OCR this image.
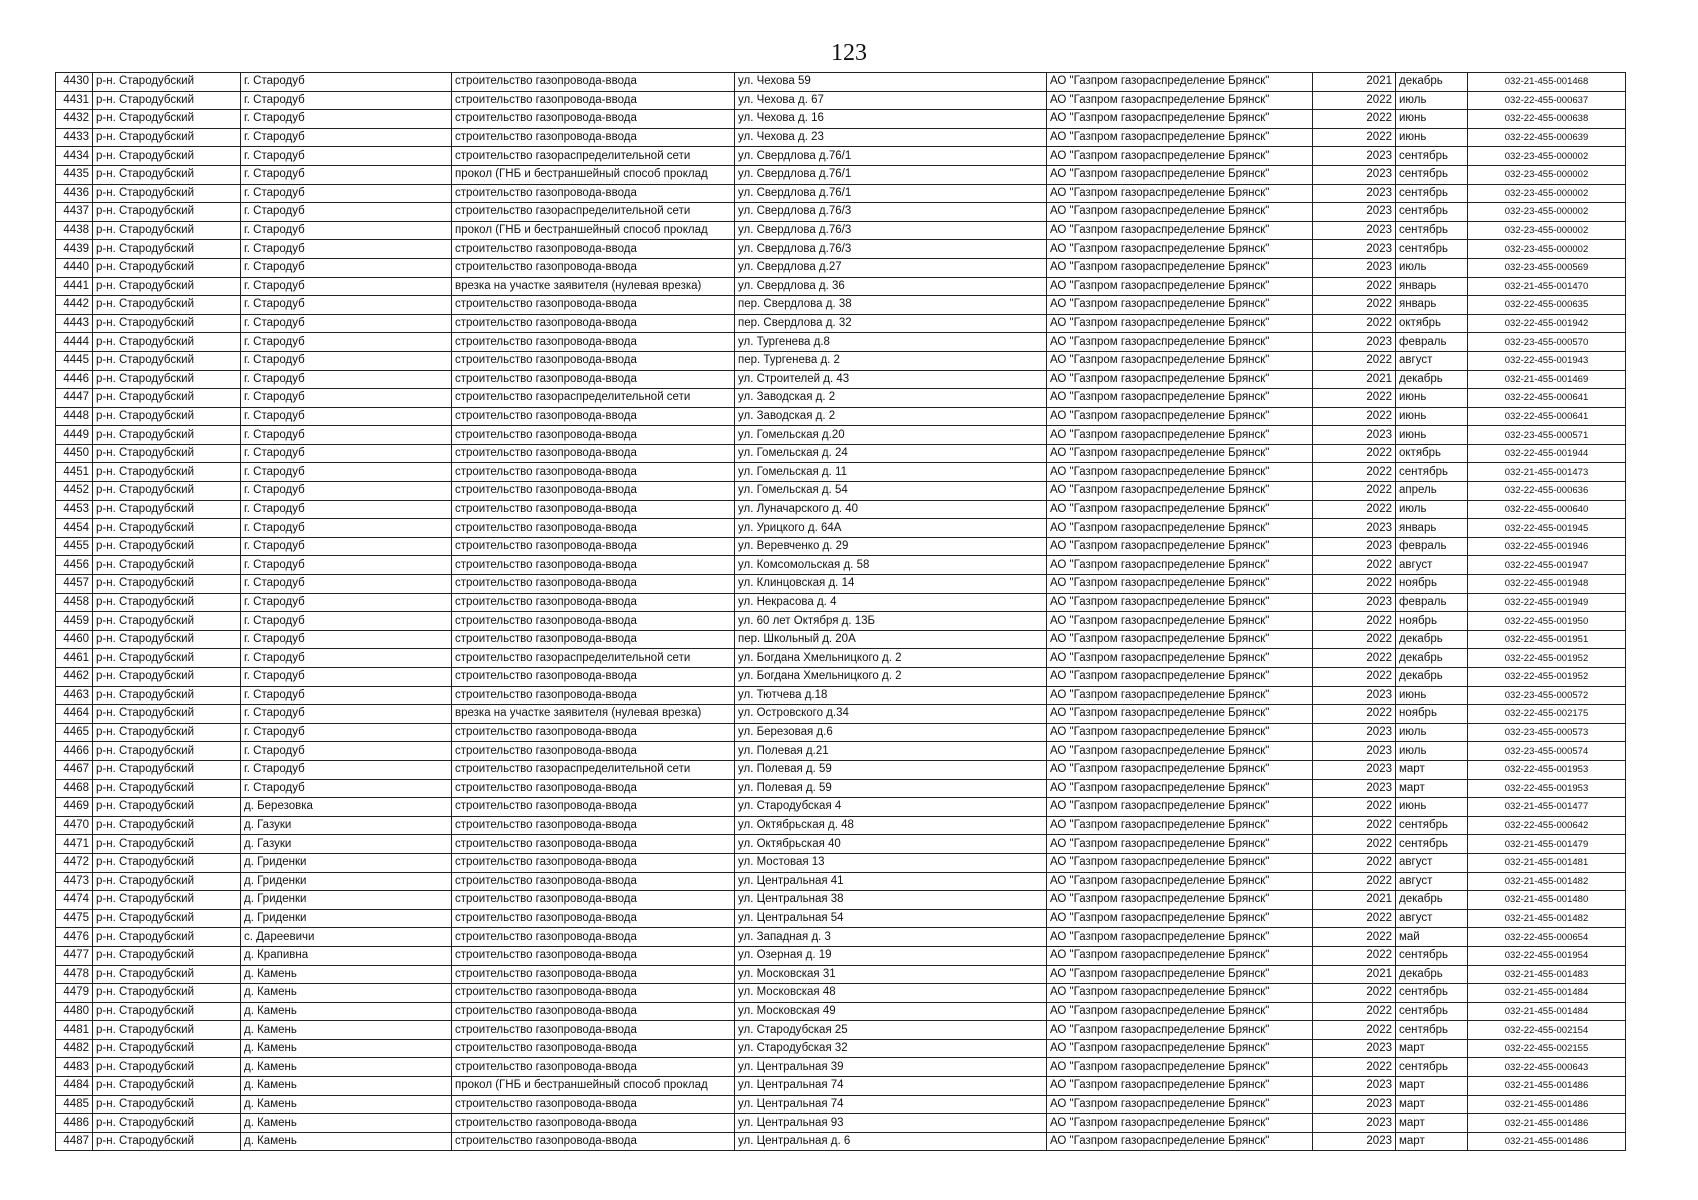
123
4430	р-н. Стародубский	г. Стародуб	строительство газопровода-ввода	ул. Чехова 59	АО "Газпром газораспределение Брянск"	2021	декабрь	032-21-455-001468
4431	р-н. Стародубский	г. Стародуб	строительство газопровода-ввода	ул. Чехова д. 67	АО "Газпром газораспределение Брянск"	2022	июль	032-22-455-000637
4432	р-н. Стародубский	г. Стародуб	строительство газопровода-ввода	ул. Чехова д. 16	АО "Газпром газораспределение Брянск"	2022	июнь	032-22-455-000638
4433	р-н. Стародубский	г. Стародуб	строительство газопровода-ввода	ул. Чехова д. 23	АО "Газпром газораспределение Брянск"	2022	июнь	032-22-455-000639
4434	р-н. Стародубский	г. Стародуб	строительство газораспределительной сети	ул. Свердлова д.76/1	АО "Газпром газораспределение Брянск"	2023	сентябрь	032-23-455-000002
4435	р-н. Стародубский	г. Стародуб	прокол (ГНБ и бестраншейный способ проклад	ул. Свердлова д.76/1	АО "Газпром газораспределение Брянск"	2023	сентябрь	032-23-455-000002
4436	р-н. Стародубский	г. Стародуб	строительство газопровода-ввода	ул. Свердлова д.76/1	АО "Газпром газораспределение Брянск"	2023	сентябрь	032-23-455-000002
4437	р-н. Стародубский	г. Стародуб	строительство газораспределительной сети	ул. Свердлова д.76/3	АО "Газпром газораспределение Брянск"	2023	сентябрь	032-23-455-000002
4438	р-н. Стародубский	г. Стародуб	прокол (ГНБ и бестраншейный способ проклад	ул. Свердлова д.76/3	АО "Газпром газораспределение Брянск"	2023	сентябрь	032-23-455-000002
4439	р-н. Стародубский	г. Стародуб	строительство газопровода-ввода	ул. Свердлова д.76/3	АО "Газпром газораспределение Брянск"	2023	сентябрь	032-23-455-000002
4440	р-н. Стародубский	г. Стародуб	строительство газопровода-ввода	ул. Свердлова д.27	АО "Газпром газораспределение Брянск"	2023	июль	032-23-455-000569
4441	р-н. Стародубский	г. Стародуб	врезка на участке заявителя (нулевая врезка)	ул. Свердлова д. 36	АО "Газпром газораспределение Брянск"	2022	январь	032-21-455-001470
4442	р-н. Стародубский	г. Стародуб	строительство газопровода-ввода	пер. Свердлова д. 38	АО "Газпром газораспределение Брянск"	2022	январь	032-22-455-000635
4443	р-н. Стародубский	г. Стародуб	строительство газопровода-ввода	пер. Свердлова д. 32	АО "Газпром газораспределение Брянск"	2022	октябрь	032-22-455-001942
4444	р-н. Стародубский	г. Стародуб	строительство газопровода-ввода	ул. Тургенева д.8	АО "Газпром газораспределение Брянск"	2023	февраль	032-23-455-000570
4445	р-н. Стародубский	г. Стародуб	строительство газопровода-ввода	пер. Тургенева д. 2	АО "Газпром газораспределение Брянск"	2022	август	032-22-455-001943
4446	р-н. Стародубский	г. Стародуб	строительство газопровода-ввода	ул. Строителей д. 43	АО "Газпром газораспределение Брянск"	2021	декабрь	032-21-455-001469
4447	р-н. Стародубский	г. Стародуб	строительство газораспределительной сети	ул. Заводская д. 2	АО "Газпром газораспределение Брянск"	2022	июнь	032-22-455-000641
4448	р-н. Стародубский	г. Стародуб	строительство газопровода-ввода	ул. Заводская д. 2	АО "Газпром газораспределение Брянск"	2022	июнь	032-22-455-000641
4449	р-н. Стародубский	г. Стародуб	строительство газопровода-ввода	ул. Гомельская д.20	АО "Газпром газораспределение Брянск"	2023	июнь	032-23-455-000571
4450	р-н. Стародубский	г. Стародуб	строительство газопровода-ввода	ул. Гомельская д. 24	АО "Газпром газораспределение Брянск"	2022	октябрь	032-22-455-001944
4451	р-н. Стародубский	г. Стародуб	строительство газопровода-ввода	ул. Гомельская д. 11	АО "Газпром газораспределение Брянск"	2022	сентябрь	032-21-455-001473
4452	р-н. Стародубский	г. Стародуб	строительство газопровода-ввода	ул. Гомельская д. 54	АО "Газпром газораспределение Брянск"	2022	апрель	032-22-455-000636
4453	р-н. Стародубский	г. Стародуб	строительство газопровода-ввода	ул. Луначарского д. 40	АО "Газпром газораспределение Брянск"	2022	июль	032-22-455-000640
4454	р-н. Стародубский	г. Стародуб	строительство газопровода-ввода	ул. Урицкого д. 64А	АО "Газпром газораспределение Брянск"	2023	январь	032-22-455-001945
4455	р-н. Стародубский	г. Стародуб	строительство газопровода-ввода	ул. Веревченко д. 29	АО "Газпром газораспределение Брянск"	2023	февраль	032-22-455-001946
4456	р-н. Стародубский	г. Стародуб	строительство газопровода-ввода	ул. Комсомольская д. 58	АО "Газпром газораспределение Брянск"	2022	август	032-22-455-001947
4457	р-н. Стародубский	г. Стародуб	строительство газопровода-ввода	ул. Клинцовская д. 14	АО "Газпром газораспределение Брянск"	2022	ноябрь	032-22-455-001948
4458	р-н. Стародубский	г. Стародуб	строительство газопровода-ввода	ул. Некрасова д. 4	АО "Газпром газораспределение Брянск"	2023	февраль	032-22-455-001949
4459	р-н. Стародубский	г. Стародуб	строительство газопровода-ввода	ул. 60 лет Октября д. 13Б	АО "Газпром газораспределение Брянск"	2022	ноябрь	032-22-455-001950
4460	р-н. Стародубский	г. Стародуб	строительство газопровода-ввода	пер. Школьный д. 20А	АО "Газпром газораспределение Брянск"	2022	декабрь	032-22-455-001951
4461	р-н. Стародубский	г. Стародуб	строительство газораспределительной сети	ул. Богдана Хмельницкого д. 2	АО "Газпром газораспределение Брянск"	2022	декабрь	032-22-455-001952
4462	р-н. Стародубский	г. Стародуб	строительство газопровода-ввода	ул. Богдана Хмельницкого д. 2	АО "Газпром газораспределение Брянск"	2022	декабрь	032-22-455-001952
4463	р-н. Стародубский	г. Стародуб	строительство газопровода-ввода	ул. Тютчева д.18	АО "Газпром газораспределение Брянск"	2023	июнь	032-23-455-000572
4464	р-н. Стародубский	г. Стародуб	врезка на участке заявителя (нулевая врезка)	ул. Островского д.34	АО "Газпром газораспределение Брянск"	2022	ноябрь	032-22-455-002175
4465	р-н. Стародубский	г. Стародуб	строительство газопровода-ввода	ул. Березовая д.6	АО "Газпром газораспределение Брянск"	2023	июль	032-23-455-000573
4466	р-н. Стародубский	г. Стародуб	строительство газопровода-ввода	ул. Полевая д.21	АО "Газпром газораспределение Брянск"	2023	июль	032-23-455-000574
4467	р-н. Стародубский	г. Стародуб	строительство газораспределительной сети	ул. Полевая д. 59	АО "Газпром газораспределение Брянск"	2023	март	032-22-455-001953
4468	р-н. Стародубский	г. Стародуб	строительство газопровода-ввода	ул. Полевая д. 59	АО "Газпром газораспределение Брянск"	2023	март	032-22-455-001953
4469	р-н. Стародубский	д. Березовка	строительство газопровода-ввода	ул. Стародубская 4	АО "Газпром газораспределение Брянск"	2022	июнь	032-21-455-001477
4470	р-н. Стародубский	д. Газуки	строительство газопровода-ввода	ул. Октябрьская д. 48	АО "Газпром газораспределение Брянск"	2022	сентябрь	032-22-455-000642
4471	р-н. Стародубский	д. Газуки	строительство газопровода-ввода	ул. Октябрьская 40	АО "Газпром газораспределение Брянск"	2022	сентябрь	032-21-455-001479
4472	р-н. Стародубский	д. Гриденки	строительство газопровода-ввода	ул. Мостовая 13	АО "Газпром газораспределение Брянск"	2022	август	032-21-455-001481
4473	р-н. Стародубский	д. Гриденки	строительство газопровода-ввода	ул. Центральная 41	АО "Газпром газораспределение Брянск"	2022	август	032-21-455-001482
4474	р-н. Стародубский	д. Гриденки	строительство газопровода-ввода	ул. Центральная 38	АО "Газпром газораспределение Брянск"	2021	декабрь	032-21-455-001480
4475	р-н. Стародубский	д. Гриденки	строительство газопровода-ввода	ул. Центральная 54	АО "Газпром газораспределение Брянск"	2022	август	032-21-455-001482
4476	р-н. Стародубский	с. Дареевичи	строительство газопровода-ввода	ул. Западная д. 3	АО "Газпром газораспределение Брянск"	2022	май	032-22-455-000654
4477	р-н. Стародубский	д. Крапивна	строительство газопровода-ввода	ул. Озерная д. 19	АО "Газпром газораспределение Брянск"	2022	сентябрь	032-22-455-001954
4478	р-н. Стародубский	д. Камень	строительство газопровода-ввода	ул. Московская 31	АО "Газпром газораспределение Брянск"	2021	декабрь	032-21-455-001483
4479	р-н. Стародубский	д. Камень	строительство газопровода-ввода	ул. Московская 48	АО "Газпром газораспределение Брянск"	2022	сентябрь	032-21-455-001484
4480	р-н. Стародубский	д. Камень	строительство газопровода-ввода	ул. Московская 49	АО "Газпром газораспределение Брянск"	2022	сентябрь	032-21-455-001484
4481	р-н. Стародубский	д. Камень	строительство газопровода-ввода	ул. Стародубская 25	АО "Газпром газораспределение Брянск"	2022	сентябрь	032-22-455-002154
4482	р-н. Стародубский	д. Камень	строительство газопровода-ввода	ул. Стародубская 32	АО "Газпром газораспределение Брянск"	2023	март	032-22-455-002155
4483	р-н. Стародубский	д. Камень	строительство газопровода-ввода	ул. Центральная 39	АО "Газпром газораспределение Брянск"	2022	сентябрь	032-22-455-000643
4484	р-н. Стародубский	д. Камень	прокол (ГНБ и бестраншейный способ проклад	ул. Центральная 74	АО "Газпром газораспределение Брянск"	2023	март	032-21-455-001486
4485	р-н. Стародубский	д. Камень	строительство газопровода-ввода	ул. Центральная 74	АО "Газпром газораспределение Брянск"	2023	март	032-21-455-001486
4486	р-н. Стародубский	д. Камень	строительство газопровода-ввода	ул. Центральная 93	АО "Газпром газораспределение Брянск"	2023	март	032-21-455-001486
4487	р-н. Стародубский	д. Камень	строительство газопровода-ввода	ул. Центральная д. 6	АО "Газпром газораспределение Брянск"	2023	март	032-21-455-001486
